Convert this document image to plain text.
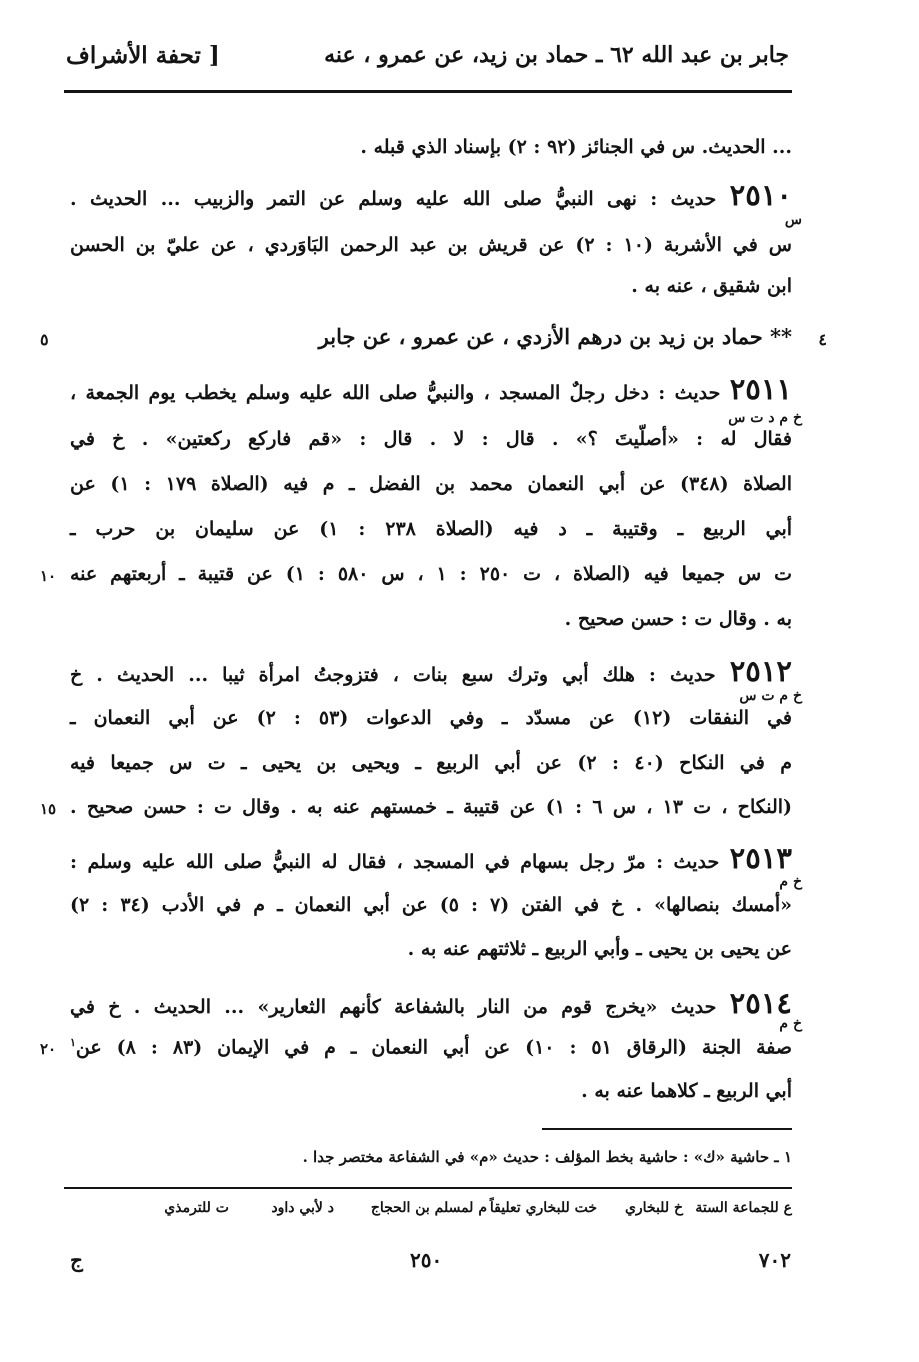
جابر بن عبد الله ٦٢ ـ حماد بن زيد، عن عمرو ، عنه
[ تحفة الأشراف
... الحديث. س في الجنائز (٩٢ : ٢) بإسناد الذي قبله .
٢٥١٠ حديث : نهى النبيُّ صلى الله عليه وسلم عن التمر والزبيب ... الحديث .
س
س في الأشربة (١٠ : ٢) عن قريش بن عبد الرحمن البَاوَردي ، عن عليّ بن الحسن
ابن شقيق ، عنه به .
٤
٥	** حماد بن زيد بن درهم الأزدي ، عن عمرو ، عن جابر
٢٥١١ حديث : دخل رجلٌ المسجد ، والنبيُّ صلى الله عليه وسلم يخطب يوم الجمعة ،
خ م د ت س
فقال له : «أصلّيتَ ؟» . قال : لا . قال : «قم فاركع ركعتين» . خ في
الصلاة (٣٤٨) عن أبي النعمان محمد بن الفضل ـ م فيه (الصلاة ١٧٩ : ١) عن
أبي الربيع ـ وقتيبة ـ د فيه (الصلاة ٢٣٨ : ١) عن سليمان بن حرب ـ
ت س جميعا فيه (الصلاة ، ت ٢٥٠ : ١ ، س ٥٨٠ : ١) عن قتيبة ـ أربعتهم عنه
١٠
به . وقال ت : حسن صحيح .
٢٥١٢ حديث : هلك أبي وترك سبع بنات ، فتزوجتُ امرأة ثيبا ... الحديث . خ
خ م ت س
في النفقات (١٢) عن مسدّد ـ وفي الدعوات (٥٣ : ٢) عن أبي النعمان ـ
م في النكاح (٤٠ : ٢) عن أبي الربيع ـ ويحيى بن يحيى ـ ت س جميعا فيه
(النكاح ، ت ١٣ ، س ٦ : ١) عن قتيبة ـ خمستهم عنه به . وقال ت : حسن صحيح .
١٥
٢٥١٣ حديث : مرّ رجل بسهام في المسجد ، فقال له النبيُّ صلى الله عليه وسلم :
خ م
«أمسك بنصالها» . خ في الفتن (٧ : ٥) عن أبي النعمان ـ م في الأدب (٣٤ : ٢)
عن يحيى بن يحيى ـ وأبي الربيع ـ ثلاثتهم عنه به .
٢٥١٤ حديث «يخرج قوم من النار بالشفاعة كأنهم الثعارير» ... الحديث . خ في
خ م
صفة الجنة (الرقاق ٥١ : ١٠) عن أبي النعمان ـ م في الإيمان (٨٣ : ٨) عن$^١$
٢٠
أبي الربيع ـ كلاهما عنه به .
١ ـ حاشية «ك» : حاشية بخط المؤلف : حديث «م» في الشفاعة مختصر جدا .
ع للجماعة الستة
خ للبخاري
خت للبخاري تعليقاً
م لمسلم بن الحجاج
د لأبي داود
ت للترمذي
٧٠٢
٢٥٠
ج
